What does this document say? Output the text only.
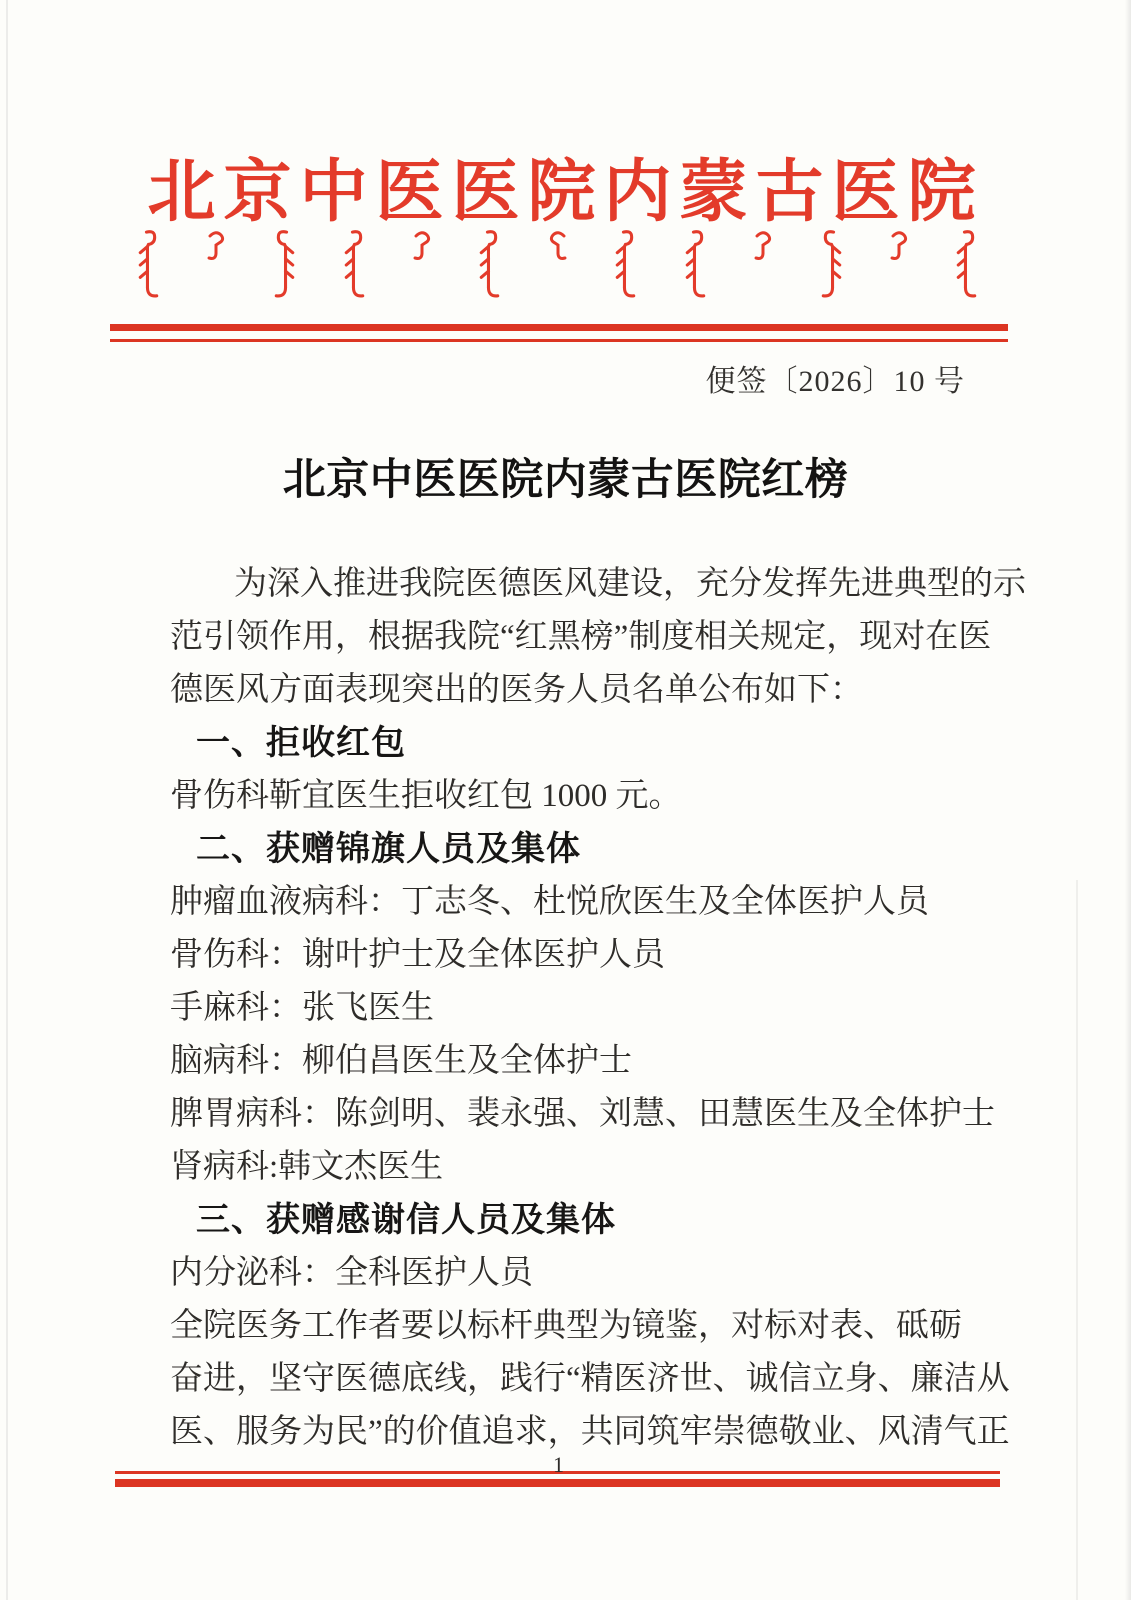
北京中医医院内蒙古医院
便签〔2026〕10 号
北京中医医院内蒙古医院红榜

为深入推进我院医德医风建设，充分发挥先进典型的示

范引领作用，根据我院“红黑榜”制度相关规定，现对在医

德医风方面表现突出的医务人员名单公布如下：

一、拒收红包

骨伤科靳宜医生拒收红包 1000 元。

二、获赠锦旗人员及集体

肿瘤血液病科：丁志冬、杜悦欣医生及全体医护人员

骨伤科：谢叶护士及全体医护人员

手麻科：张飞医生

脑病科：柳伯昌医生及全体护士

脾胃病科：陈剑明、裴永强、刘慧、田慧医生及全体护士

肾病科:韩文杰医生

三、获赠感谢信人员及集体

内分泌科：全科医护人员

全院医务工作者要以标杆典型为镜鉴，对标对表、砥砺

奋进，坚守医德底线，践行“精医济世、诚信立身、廉洁从

医、服务为民”的价值追求，共同筑牢崇德敬业、风清气正

1
